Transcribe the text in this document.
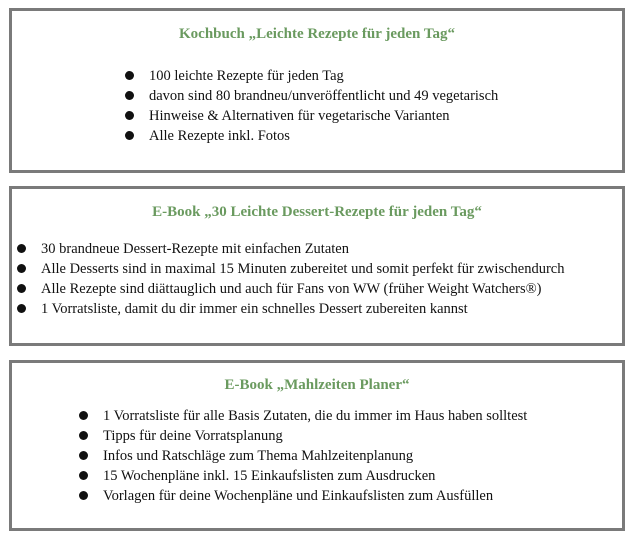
Kochbuch „Leichte Rezepte für jeden Tag“
100 leichte Rezepte für jeden Tag
davon sind 80 brandneu/unveröffentlicht und 49 vegetarisch
Hinweise & Alternativen für vegetarische Varianten
Alle Rezepte inkl. Fotos
E-Book „30 Leichte Dessert-Rezepte für jeden Tag“
30 brandneue Dessert-Rezepte mit einfachen Zutaten
Alle Desserts sind in maximal 15 Minuten zubereitet und somit perfekt für zwischendurch
Alle Rezepte sind diättauglich und auch für Fans von WW (früher Weight Watchers®)
1 Vorratsliste, damit du dir immer ein schnelles Dessert zubereiten kannst
E-Book „Mahlzeiten Planer“
1 Vorratsliste für alle Basis Zutaten, die du immer im Haus haben solltest
Tipps für deine Vorratsplanung
Infos und Ratschläge zum Thema Mahlzeitenplanung
15 Wochenpläne inkl. 15 Einkaufslisten zum Ausdrucken
Vorlagen für deine Wochenpläne und Einkaufslisten zum Ausfüllen
